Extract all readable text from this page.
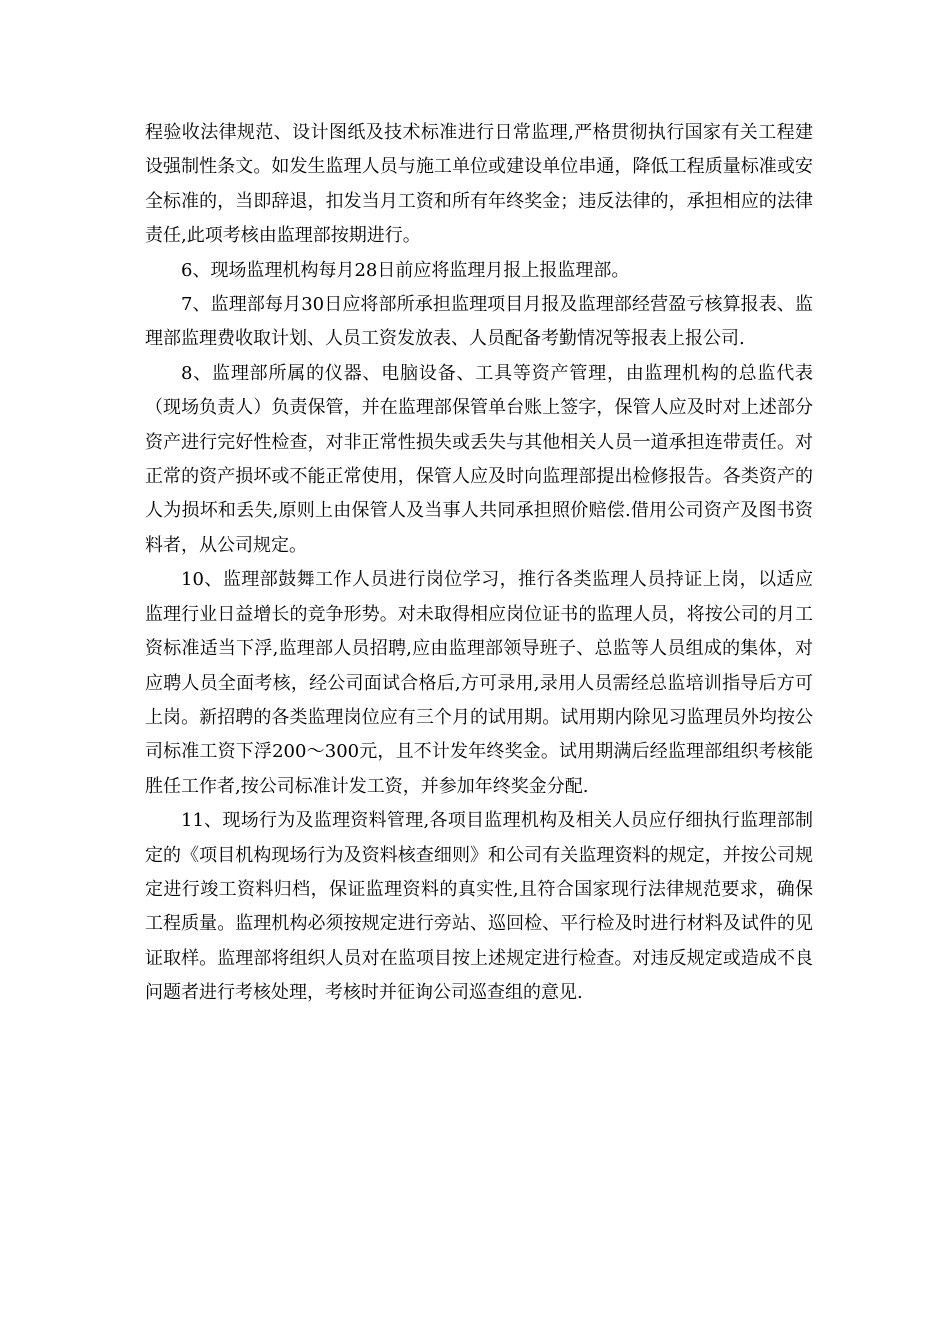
程验收法律规范、设计图纸及技术标准进行日常监理,严格贯彻执行国家有关工程建设强制性条文。如发生监理人员与施工单位或建设单位串通，降低工程质量标准或安全标准的，当即辞退，扣发当月工资和所有年终奖金；违反法律的，承担相应的法律责任,此项考核由监理部按期进行。

6、现场监理机构每月28日前应将监理月报上报监理部。

7、监理部每月30日应将部所承担监理项目月报及监理部经营盈亏核算报表、监理部监理费收取计划、人员工资发放表、人员配备考勤情况等报表上报公司.

8、监理部所属的仪器、电脑设备、工具等资产管理，由监理机构的总监代表（现场负责人）负责保管，并在监理部保管单台账上签字，保管人应及时对上述部分资产进行完好性检查，对非正常性损失或丢失与其他相关人员一道承担连带责任。对正常的资产损坏或不能正常使用，保管人应及时向监理部提出检修报告。各类资产的人为损坏和丢失,原则上由保管人及当事人共同承担照价赔偿.借用公司资产及图书资料者，从公司规定。

10、监理部鼓舞工作人员进行岗位学习，推行各类监理人员持证上岗，以适应监理行业日益增长的竞争形势。对未取得相应岗位证书的监理人员，将按公司的月工资标准适当下浮,监理部人员招聘,应由监理部领导班子、总监等人员组成的集体，对应聘人员全面考核，经公司面试合格后,方可录用,录用人员需经总监培训指导后方可上岗。新招聘的各类监理岗位应有三个月的试用期。试用期内除见习监理员外均按公司标准工资下浮200～300元，且不计发年终奖金。试用期满后经监理部组织考核能胜任工作者,按公司标准计发工资，并参加年终奖金分配.

11、现场行为及监理资料管理,各项目监理机构及相关人员应仔细执行监理部制定的《项目机构现场行为及资料核查细则》和公司有关监理资料的规定，并按公司规定进行竣工资料归档，保证监理资料的真实性,且符合国家现行法律规范要求，确保工程质量。监理机构必须按规定进行旁站、巡回检、平行检及时进行材料及试件的见证取样。监理部将组织人员对在监项目按上述规定进行检查。对违反规定或造成不良问题者进行考核处理，考核时并征询公司巡查组的意见.
